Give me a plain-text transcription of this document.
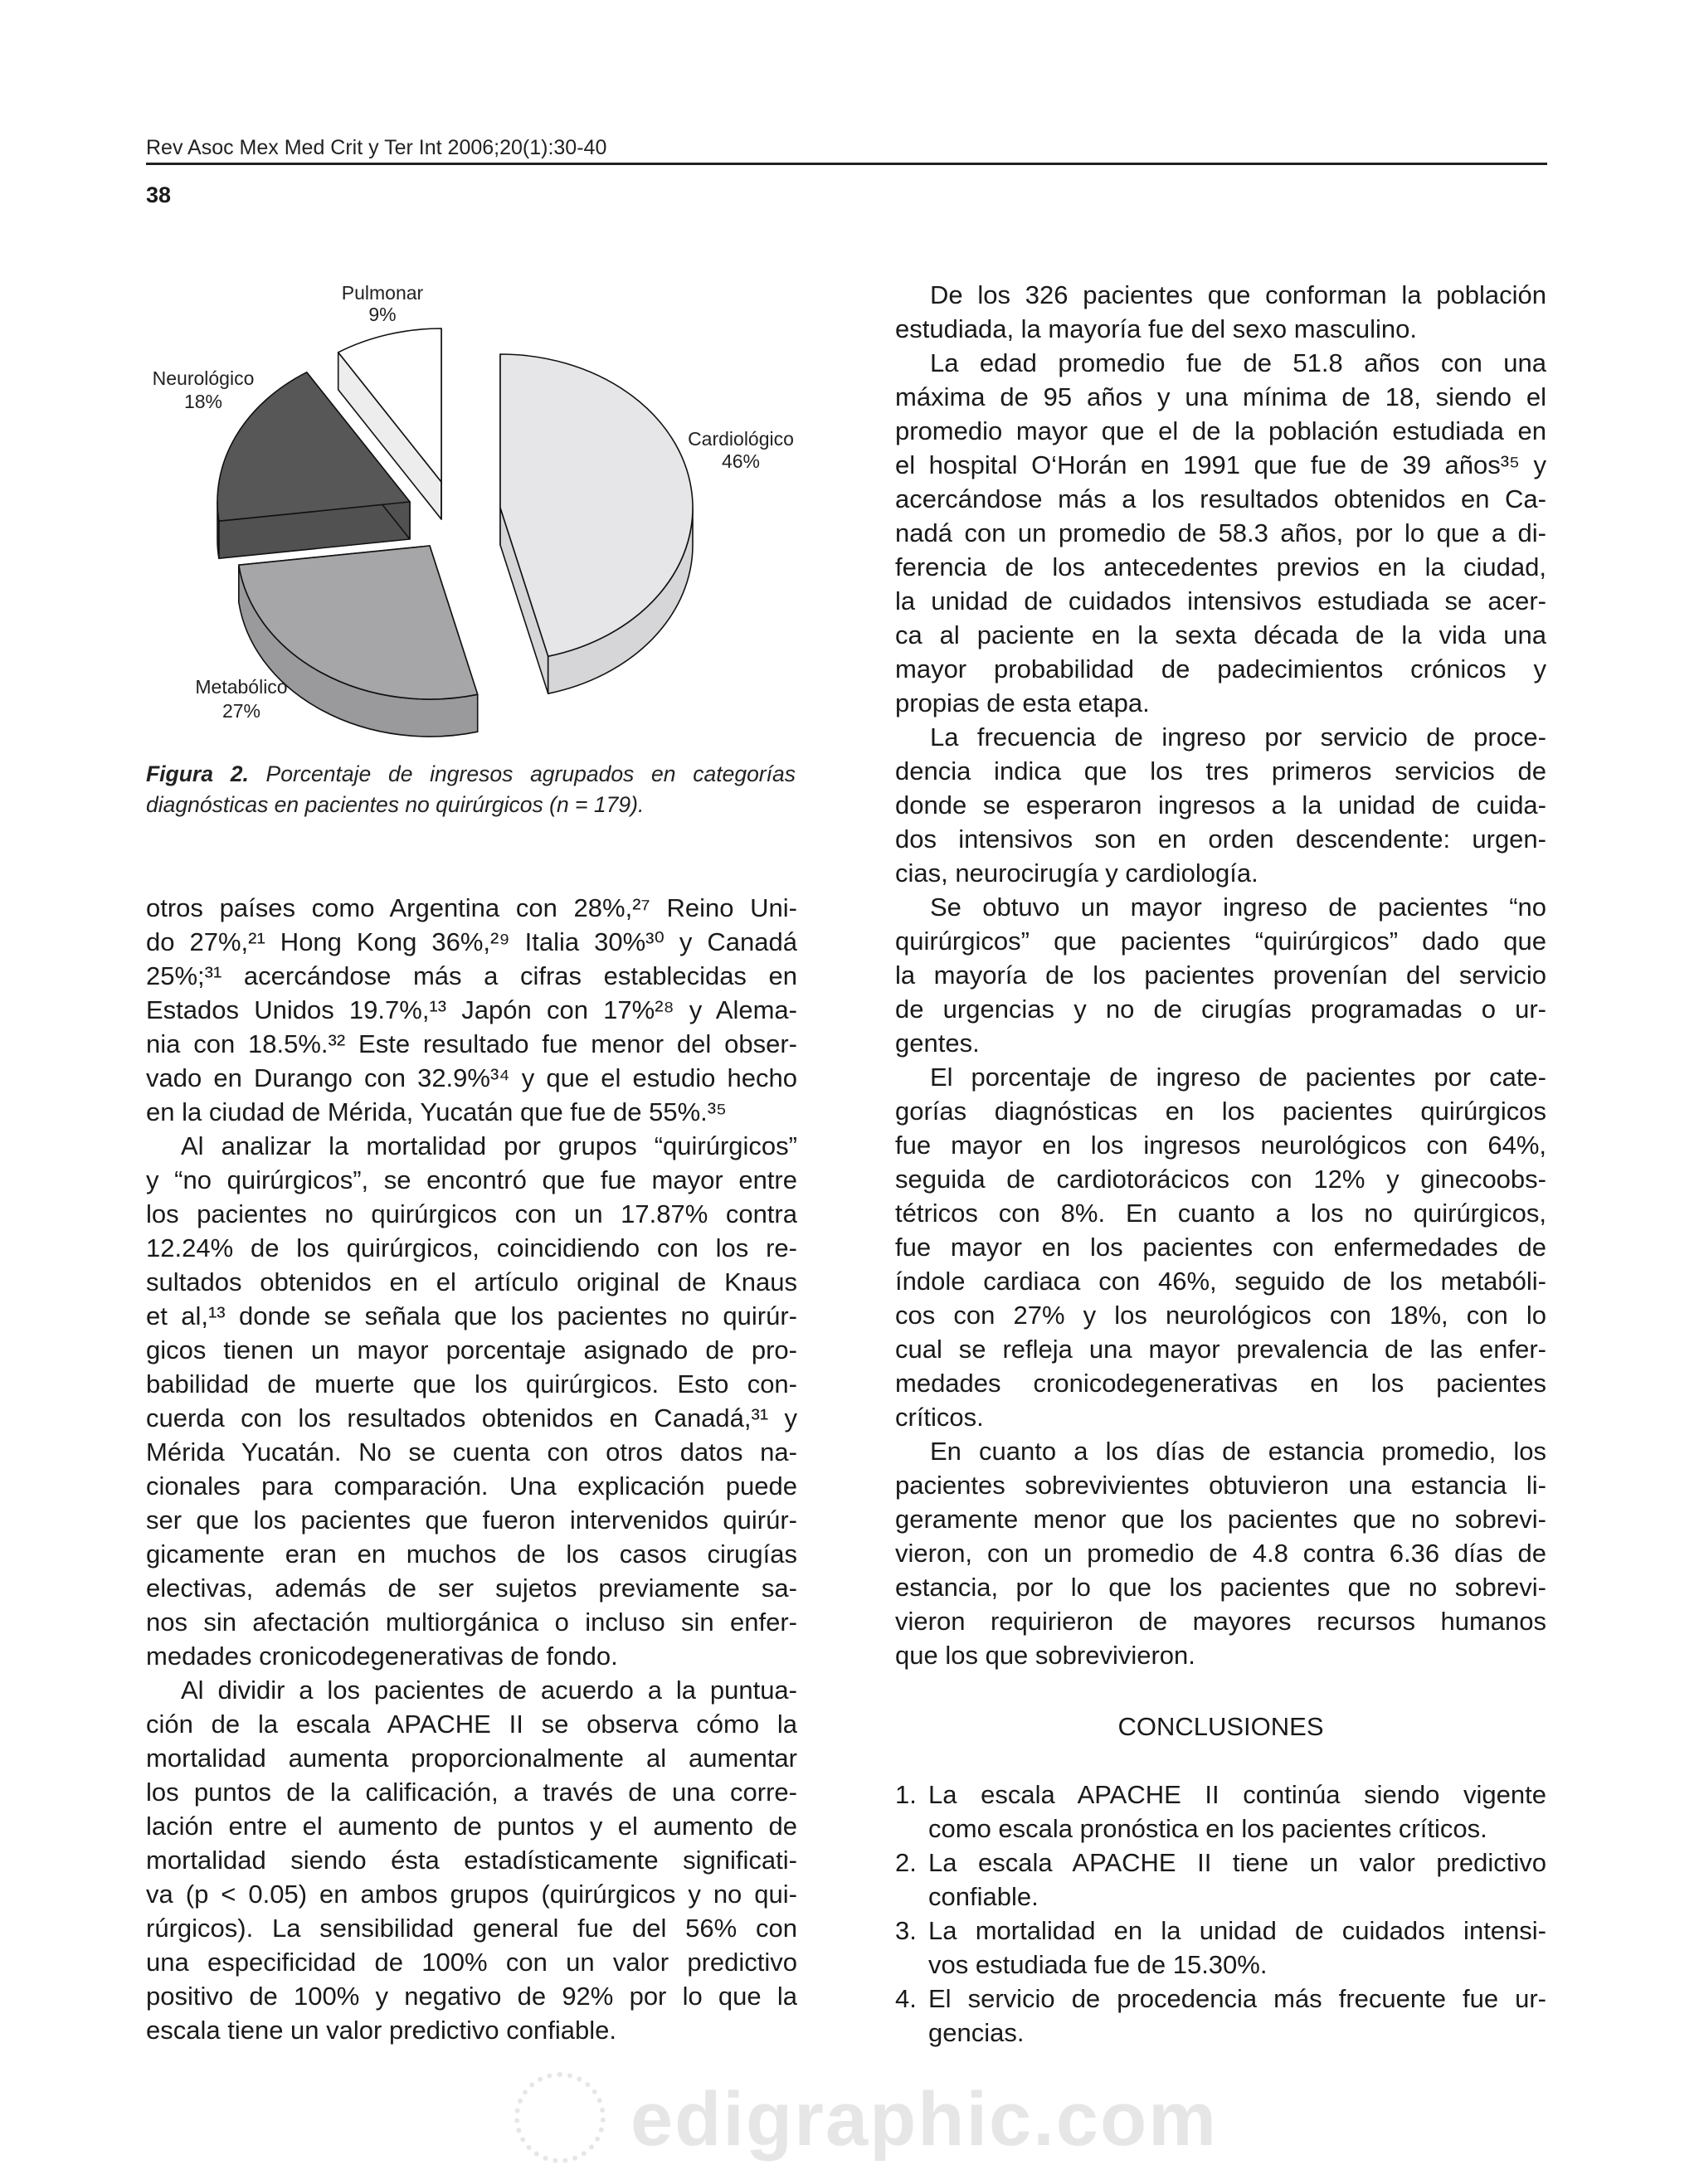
edigraphic.com
Rev Asoc Mex Med Crit y Ter Int 2006;20(1):30-40
38
Pulmonar
9%
Neurológico
18%
Cardiológico
46%
Metabólico
27%
Figura 2. Porcentaje de ingresos agrupados en categorías
diagnósticas en pacientes no quirúrgicos (n = 179).
otros países como Argentina con 28%,²⁷ Reino Uni-
do 27%,²¹ Hong Kong 36%,²⁹ Italia 30%³⁰ y Canadá
25%;³¹ acercándose más a cifras establecidas en
Estados Unidos 19.7%,¹³ Japón con 17%²⁸ y Alema-
nia con 18.5%.³² Este resultado fue menor del obser-
vado en Durango con 32.9%³⁴ y que el estudio hecho
en la ciudad de Mérida, Yucatán que fue de 55%.³⁵
Al analizar la mortalidad por grupos “quirúrgicos”
y “no quirúrgicos”, se encontró que fue mayor entre
los pacientes no quirúrgicos con un 17.87% contra
12.24% de los quirúrgicos, coincidiendo con los re-
sultados obtenidos en el artículo original de Knaus
et al,¹³ donde se señala que los pacientes no quirúr-
gicos tienen un mayor porcentaje asignado de pro-
babilidad de muerte que los quirúrgicos. Esto con-
cuerda con los resultados obtenidos en Canadá,³¹ y
Mérida Yucatán. No se cuenta con otros datos na-
cionales para comparación. Una explicación puede
ser que los pacientes que fueron intervenidos quirúr-
gicamente eran en muchos de los casos cirugías
electivas, además de ser sujetos previamente sa-
nos sin afectación multiorgánica o incluso sin enfer-
medades cronicodegenerativas de fondo.
Al dividir a los pacientes de acuerdo a la puntua-
ción de la escala APACHE II se observa cómo la
mortalidad aumenta proporcionalmente al aumentar
los puntos de la calificación, a través de una corre-
lación entre el aumento de puntos y el aumento de
mortalidad siendo ésta estadísticamente significati-
va (p < 0.05) en ambos grupos (quirúrgicos y no qui-
rúrgicos). La sensibilidad general fue del 56% con
una especificidad de 100% con un valor predictivo
positivo de 100% y negativo de 92% por lo que la
escala tiene un valor predictivo confiable.
De los 326 pacientes que conforman la población
estudiada, la mayoría fue del sexo masculino.
La edad promedio fue de 51.8 años con una
máxima de 95 años y una mínima de 18, siendo el
promedio mayor que el de la población estudiada en
el hospital O‘Horán en 1991 que fue de 39 años³⁵ y
acercándose más a los resultados obtenidos en Ca-
nadá con un promedio de 58.3 años, por lo que a di-
ferencia de los antecedentes previos en la ciudad,
la unidad de cuidados intensivos estudiada se acer-
ca al paciente en la sexta década de la vida una
mayor probabilidad de padecimientos crónicos y
propias de esta etapa.
La frecuencia de ingreso por servicio de proce-
dencia indica que los tres primeros servicios de
donde se esperaron ingresos a la unidad de cuida-
dos intensivos son en orden descendente: urgen-
cias, neurocirugía y cardiología.
Se obtuvo un mayor ingreso de pacientes “no
quirúrgicos” que pacientes “quirúrgicos” dado que
la mayoría de los pacientes provenían del servicio
de urgencias y no de cirugías programadas o ur-
gentes.
El porcentaje de ingreso de pacientes por cate-
gorías diagnósticas en los pacientes quirúrgicos
fue mayor en los ingresos neurológicos con 64%,
seguida de cardiotorácicos con 12% y ginecoobs-
tétricos con 8%. En cuanto a los no quirúrgicos,
fue mayor en los pacientes con enfermedades de
índole cardiaca con 46%, seguido de los metabóli-
cos con 27% y los neurológicos con 18%, con lo
cual se refleja una mayor prevalencia de las enfer-
medades cronicodegenerativas en los pacientes
críticos.
En cuanto a los días de estancia promedio, los
pacientes sobrevivientes obtuvieron una estancia li-
geramente menor que los pacientes que no sobrevi-
vieron, con un promedio de 4.8 contra 6.36 días de
estancia, por lo que los pacientes que no sobrevi-
vieron requirieron de mayores recursos humanos
que los que sobrevivieron.
CONCLUSIONES
1. La escala APACHE II continúa siendo vigente
como escala pronóstica en los pacientes críticos.
2. La escala APACHE II tiene un valor predictivo
confiable.
3. La mortalidad en la unidad de cuidados intensi-
vos estudiada fue de 15.30%.
4. El servicio de procedencia más frecuente fue ur-
gencias.
